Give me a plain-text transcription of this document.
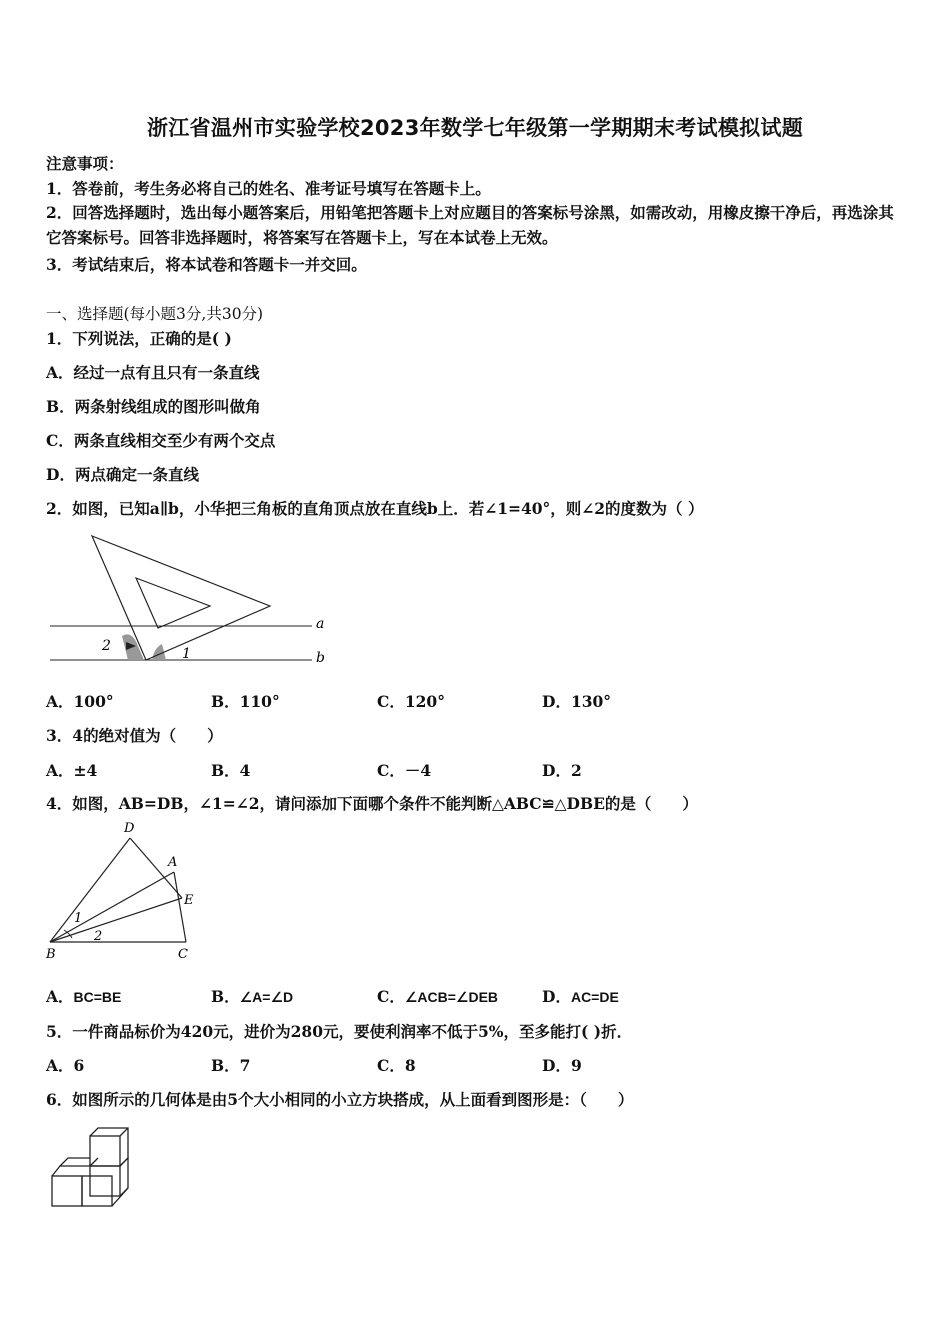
浙江省温州市实验学校2023年数学七年级第一学期期末考试模拟试题
注意事项：
1．答卷前，考生务必将自己的姓名、准考证号填写在答题卡上。
2．回答选择题时，选出每小题答案后，用铅笔把答题卡上对应题目的答案标号涂黑，如需改动，用橡皮擦干净后，再选涂其它答案标号。回答非选择题时，将答案写在答题卡上，写在本试卷上无效。
3．考试结束后，将本试卷和答题卡一并交回。
一、选择题(每小题3分,共30分)
1．下列说法，正确的是( )
A．经过一点有且只有一条直线
B．两条射线组成的图形叫做角
C．两条直线相交至少有两个交点
D．两点确定一条直线
2．如图，已知a∥b，小华把三角板的直角顶点放在直线b上．若∠1=40°，则∠2的度数为（ ）
a
b
2	1
A．100°	B．110°	C．120°	D．130°
3．4的绝对值为（　　）
A．±4	B．4	C．－4	D．2
4．如图，AB=DB，∠1=∠2，请问添加下面哪个条件不能判断△ABC≌△DBE的是（　　）
D
A
E
B	C
1
2
A．BC=BE	B．∠A=∠D	C．∠ACB=∠DEB	D．AC=DE
5．一件商品标价为420元，进价为280元，要使利润率不低于5%，至多能打( )折．
A．6	B．7	C．8	D．9
6．如图所示的几何体是由5个大小相同的小立方块搭成，从上面看到图形是：（　　）
